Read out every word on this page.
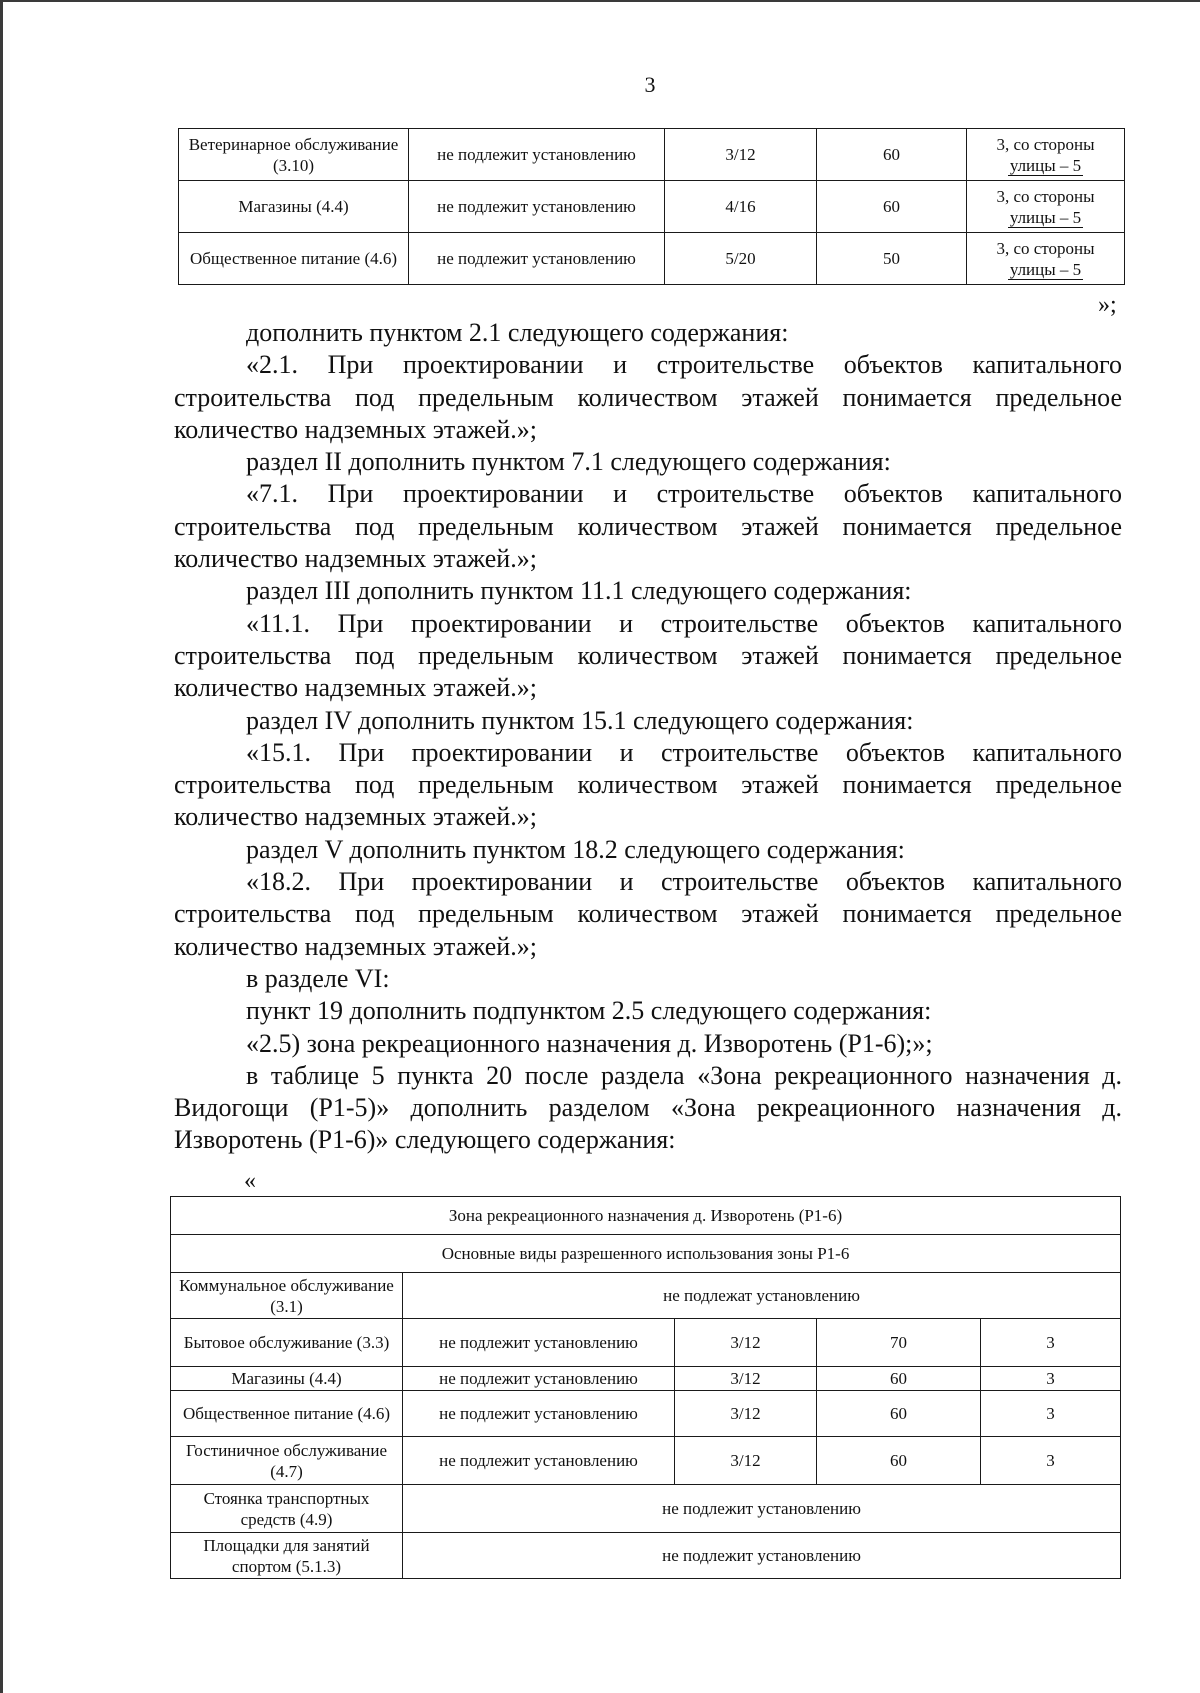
3
Ветеринарное обслуживание (3.10)	не подлежит установлению	3/12	60	3, со стороны
улицы – 5
Магазины (4.4)	не подлежит установлению	4/16	60	3, со стороны
улицы – 5
Общественное питание (4.6)	не подлежит установлению	5/20	50	3, со стороны
улицы – 5
»;

дополнить пунктом 2.1 следующего содержания:

«2.1. При проектировании и строительстве объектов капитального строительства под предельным количеством этажей понимается предельное количество надземных этажей.»;

раздел II дополнить пунктом 7.1 следующего содержания:

«7.1. При проектировании и строительстве объектов капитального строительства под предельным количеством этажей понимается предельное количество надземных этажей.»;

раздел III дополнить пунктом 11.1 следующего содержания:

«11.1. При проектировании и строительстве объектов капитального строительства под предельным количеством этажей понимается предельное количество надземных этажей.»;

раздел IV дополнить пунктом 15.1 следующего содержания:

«15.1. При проектировании и строительстве объектов капитального строительства под предельным количеством этажей понимается предельное количество надземных этажей.»;

раздел V дополнить пунктом 18.2 следующего содержания:

«18.2. При проектировании и строительстве объектов капитального строительства под предельным количеством этажей понимается предельное количество надземных этажей.»;

в разделе VI:

пункт 19 дополнить подпунктом 2.5 следующего содержания:

«2.5) зона рекреационного назначения д. Изворотень (Р1-6);»;

в таблице 5 пункта 20 после раздела «Зона рекреационного назначения д. Видогощи (Р1-5)» дополнить разделом «Зона рекреационного назначения д. Изворотень (Р1-6)» следующего содержания:

«
Зона рекреационного назначения д. Изворотень (Р1-6)				
Основные виды разрешенного использования зоны Р1-6				
Коммунальное обслуживание (3.1)	не подлежат установлению			
Бытовое обслуживание (3.3)	не подлежит установлению	3/12	70	3
Магазины (4.4)	не подлежит установлению	3/12	60	3
Общественное питание (4.6)	не подлежит установлению	3/12	60	3
Гостиничное обслуживание (4.7)	не подлежит установлению	3/12	60	3
Стоянка транспортных средств (4.9)	не подлежит установлению			
Площадки для занятий спортом (5.1.3)	не подлежит установлению			
